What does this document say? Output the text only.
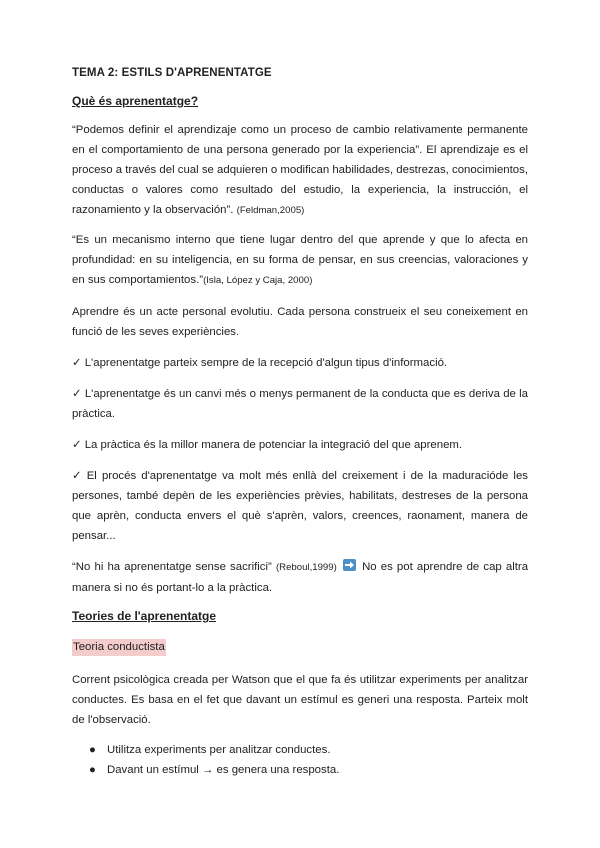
TEMA 2: ESTILS D'APRENENTATGE

Què és aprenentatge?

“Podemos definir el aprendizaje como un proceso de cambio relativamente permanente en el comportamiento de una persona generado por la experiencia”. El aprendizaje es el proceso a través del cual se adquieren o modifican habilidades, destrezas, conocimientos, conductas o valores como resultado del estudio, la experiencia, la instrucción, el razonamiento y la observación”. (Feldman,2005)

“Es un mecanismo interno que tiene lugar dentro del que aprende y que lo afecta en profundidad: en su inteligencia, en su forma de pensar, en sus creencias, valoraciones y en sus comportamientos.”(Isla, López y Caja, 2000)

Aprendre és un acte personal evolutiu. Cada persona construeix el seu coneixement en funció de les seves experiències.

✓ L'aprenentatge parteix sempre de la recepció d'algun tipus d'informació.

✓ L'aprenentatge és un canvi més o menys permanent de la conducta que es deriva de la pràctica.

✓ La pràctica és la millor manera de potenciar la integració del que aprenem.

✓ El procés d'aprenentatge va molt més enllà del creixement i de la maduracióde les persones, també depèn de les experiències prèvies, habilitats, destreses de la persona que aprèn, conducta envers el què s'aprèn, valors, creences, raonament, manera de pensar...

“No hi ha aprenentatge sense sacrifici” (Reboul,1999) No es pot aprendre de cap altra manera si no és portant-lo a la pràctica.

Teories de l'aprenentatge

Teoria conductista

Corrent psicològica creada per Watson que el que fa és utilitzar experiments per analitzar conductes. Es basa en el fet que davant un estímul es generi una resposta. Parteix molt de l'observació.

● Utilitza experiments per analitzar conductes.
● Davant un estímul → es genera una resposta.
